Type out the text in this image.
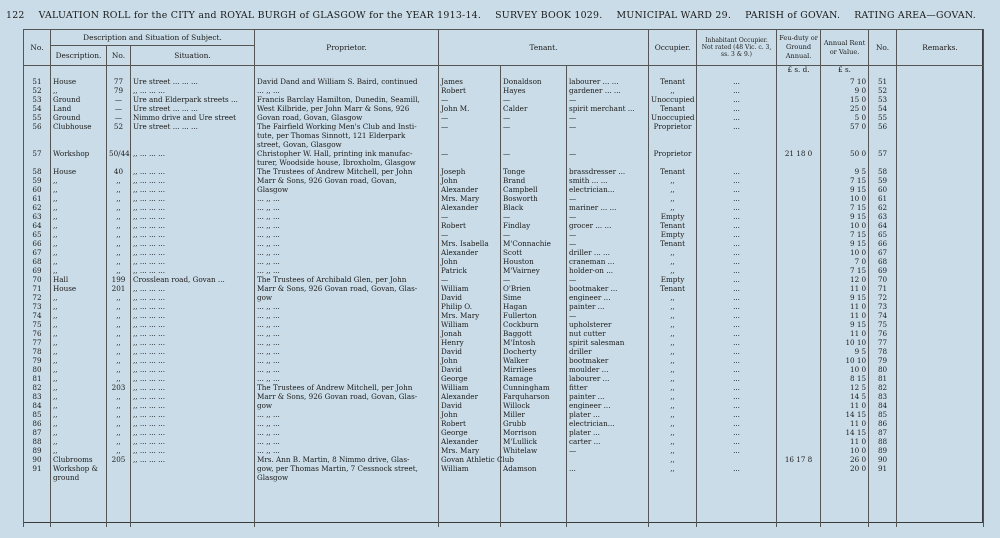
122 VALUATION ROLL for the CITY and ROYAL BURGH of GLASGOW for the YEAR 1913-14. SURVEY BOOK 1029. MUNICIPAL WARD 29. PARISH of GOVAN. RATING AREA—GOVAN.
No.	Description and Situation of Subject.			Proprietor.	Tenant.			Occupier.	Inhabitant Occupier. Not rated (48 Vic. c. 3, ss. 3 & 9.)	Feu-duty or Ground Annual.	Annual Rent or Value.	No.	Remarks.
	Description.	No.	Situation.										
										£ s. d.	£ s.		
51	House	77	Ure street ... ... ...	David Dand and William S. Baird, continued	James	Donaldson	labourer ... ...	Tenant	...		7 10	51	
52	,,	79	,, ... ... ...	... ,, ...	Robert	Hayes	gardener ... ...	,,	...		9 0	52	
53	Ground	—	Ure and Elderpark streets ...	Francis Barclay Hamilton, Dunedin, Seamill,	—	—	—	Unoccupied	...		15 0	53	
54	Land	—	Ure street ... ... ...	West Kilbride, per John Marr & Sons, 926	John M.	Calder	spirit merchant ...	Tenant	...		25 0	54	
55	Ground	—	Nimmo drive and Ure street	Govan road, Govan, Glasgow	—	—	—	Unoccupied	...		5 0	55	
56	Clubhouse	52	Ure street ... ... ...	The Fairfield Working Men's Club and Insti-	—	—	—	Proprietor	...		57 0	56	
				tute, per Thomas Sinnott, 121 Elderpark									
				street, Govan, Glasgow									
57	Workshop	50/44	,, ... ... ...	Christopher W. Hall, printing ink manufac-	—	—	—	Proprietor		21 18 0	50 0	57	
				turer, Woodside house, Ibroxholm, Glasgow									
58	House	40	,, ... ... ...	The Trustees of Andrew Mitchell, per John	Joseph	Tonge	brassdresser ...	Tenant	...		9 5	58	
59	,,	,,	,, ... ... ...	Marr & Sons, 926 Govan road, Govan,	John	Brand	smith ... ...	,,	...		7 15	59	
60	,,	,,	,, ... ... ...	Glasgow	Alexander	Campbell	electrician...	,,	...		9 15	60	
61	,,	,,	,, ... ... ...	... ,, ...	Mrs. Mary	Bosworth	—	,,	...		10 0	61	
62	,,	,,	,, ... ... ...	... ,, ...	Alexander	Black	mariner ... ...	,,	...		7 15	62	
63	,,	,,	,, ... ... ...	... ,, ...	—	—	—	Empty	...		9 15	63	
64	,,	,,	,, ... ... ...	... ,, ...	Robert	Findlay	grocer ... ...	Tenant	...		10 0	64	
65	,,	,,	,, ... ... ...	... ,, ...	—	—	—	Empty	...		7 15	65	
66	,,	,,	,, ... ... ...	... ,, ...	Mrs. Isabella	M'Connachie	—	Tenant	...		9 15	66	
67	,,	,,	,, ... ... ...	... ,, ...	Alexander	Scott	driller ... ...	,,	...		10 0	67	
68	,,	,,	,, ... ... ...	... ,, ...	John	Houston	craneman ...	,,	...		7 0	68	
69	,,	,,	,, ... ... ...	... ,, ...	Patrick	M'Vairney	holder-on ...	,,	...		7 15	69	
70	Hall	199	Crosslean road, Govan ...	The Trustees of Archibald Glen, per John	—	—	—	Empty	...		12 0	70	
71	House	201	,, ... ... ...	Marr & Sons, 926 Govan road, Govan, Glas-	William	O'Brien	bootmaker ...	Tenant	...		11 0	71	
72	,,	,,	,, ... ... ...	gow	David	Sime	engineer ...	,,	...		9 15	72	
73	,,	,,	,, ... ... ...	... ,, ...	Philip O.	Hagan	painter ...	,,	...		11 0	73	
74	,,	,,	,, ... ... ...	... ,, ...	Mrs. Mary	Fullerton	—	,,	...		11 0	74	
75	,,	,,	,, ... ... ...	... ,, ...	William	Cockburn	upholsterer	,,	...		9 15	75	
76	,,	,,	,, ... ... ...	... ,, ...	Jonah	Baggott	nut cutter	,,	...		11 0	76	
77	,,	,,	,, ... ... ...	... ,, ...	Henry	M'Intosh	spirit salesman	,,	...		10 10	77	
78	,,	,,	,, ... ... ...	... ,, ...	David	Docherty	driller	,,	...		9 5	78	
79	,,	,,	,, ... ... ...	... ,, ...	John	Walker	bootmaker	,,	...		10 10	79	
80	,,	,,	,, ... ... ...	... ,, ...	David	Mirrilees	moulder ...	,,	...		10 0	80	
81	,,	,,	,, ... ... ...	... ,, ...	George	Ramage	labourer ...	,,	...		8 15	81	
82	,,	203	,, ... ... ...	The Trustees of Andrew Mitchell, per John	William	Cunningham	fitter	,,	...		12 5	82	
83	,,	,,	,, ... ... ...	Marr & Sons, 926 Govan road, Govan, Glas-	Alexander	Farquharson	painter ...	,,	...		14 5	83	
84	,,	,,	,, ... ... ...	gow	David	Willock	engineer ...	,,	...		11 0	84	
85	,,	,,	,, ... ... ...	... ,, ...	John	Miller	plater ...	,,	...		14 15	85	
86	,,	,,	,, ... ... ...	... ,, ...	Robert	Grubb	electrician...	,,	...		11 0	86	
87	,,	,,	,, ... ... ...	... ,, ...	George	Morrison	plater ...	,,	...		14 15	87	
88	,,	,,	,, ... ... ...	... ,, ...	Alexander	M'Lullick	carter ...	,,	...		11 0	88	
89	,,	,,	,, ... ... ...	... ,, ...	Mrs. Mary	Whitelaw	—	,,	...		10 0	89	
90	Clubrooms	205	,, ... ... ...	Mrs. Ann B. Martin, 8 Nimmo drive, Glas-	Govan Athletic Club			,,		16 17 8	26 0	90	
91	Workshop &			gow, per Thomas Martin, 7 Cessnock street,	William	Adamson	...	,,	...		20 0	91	
	ground			Glasgow									
